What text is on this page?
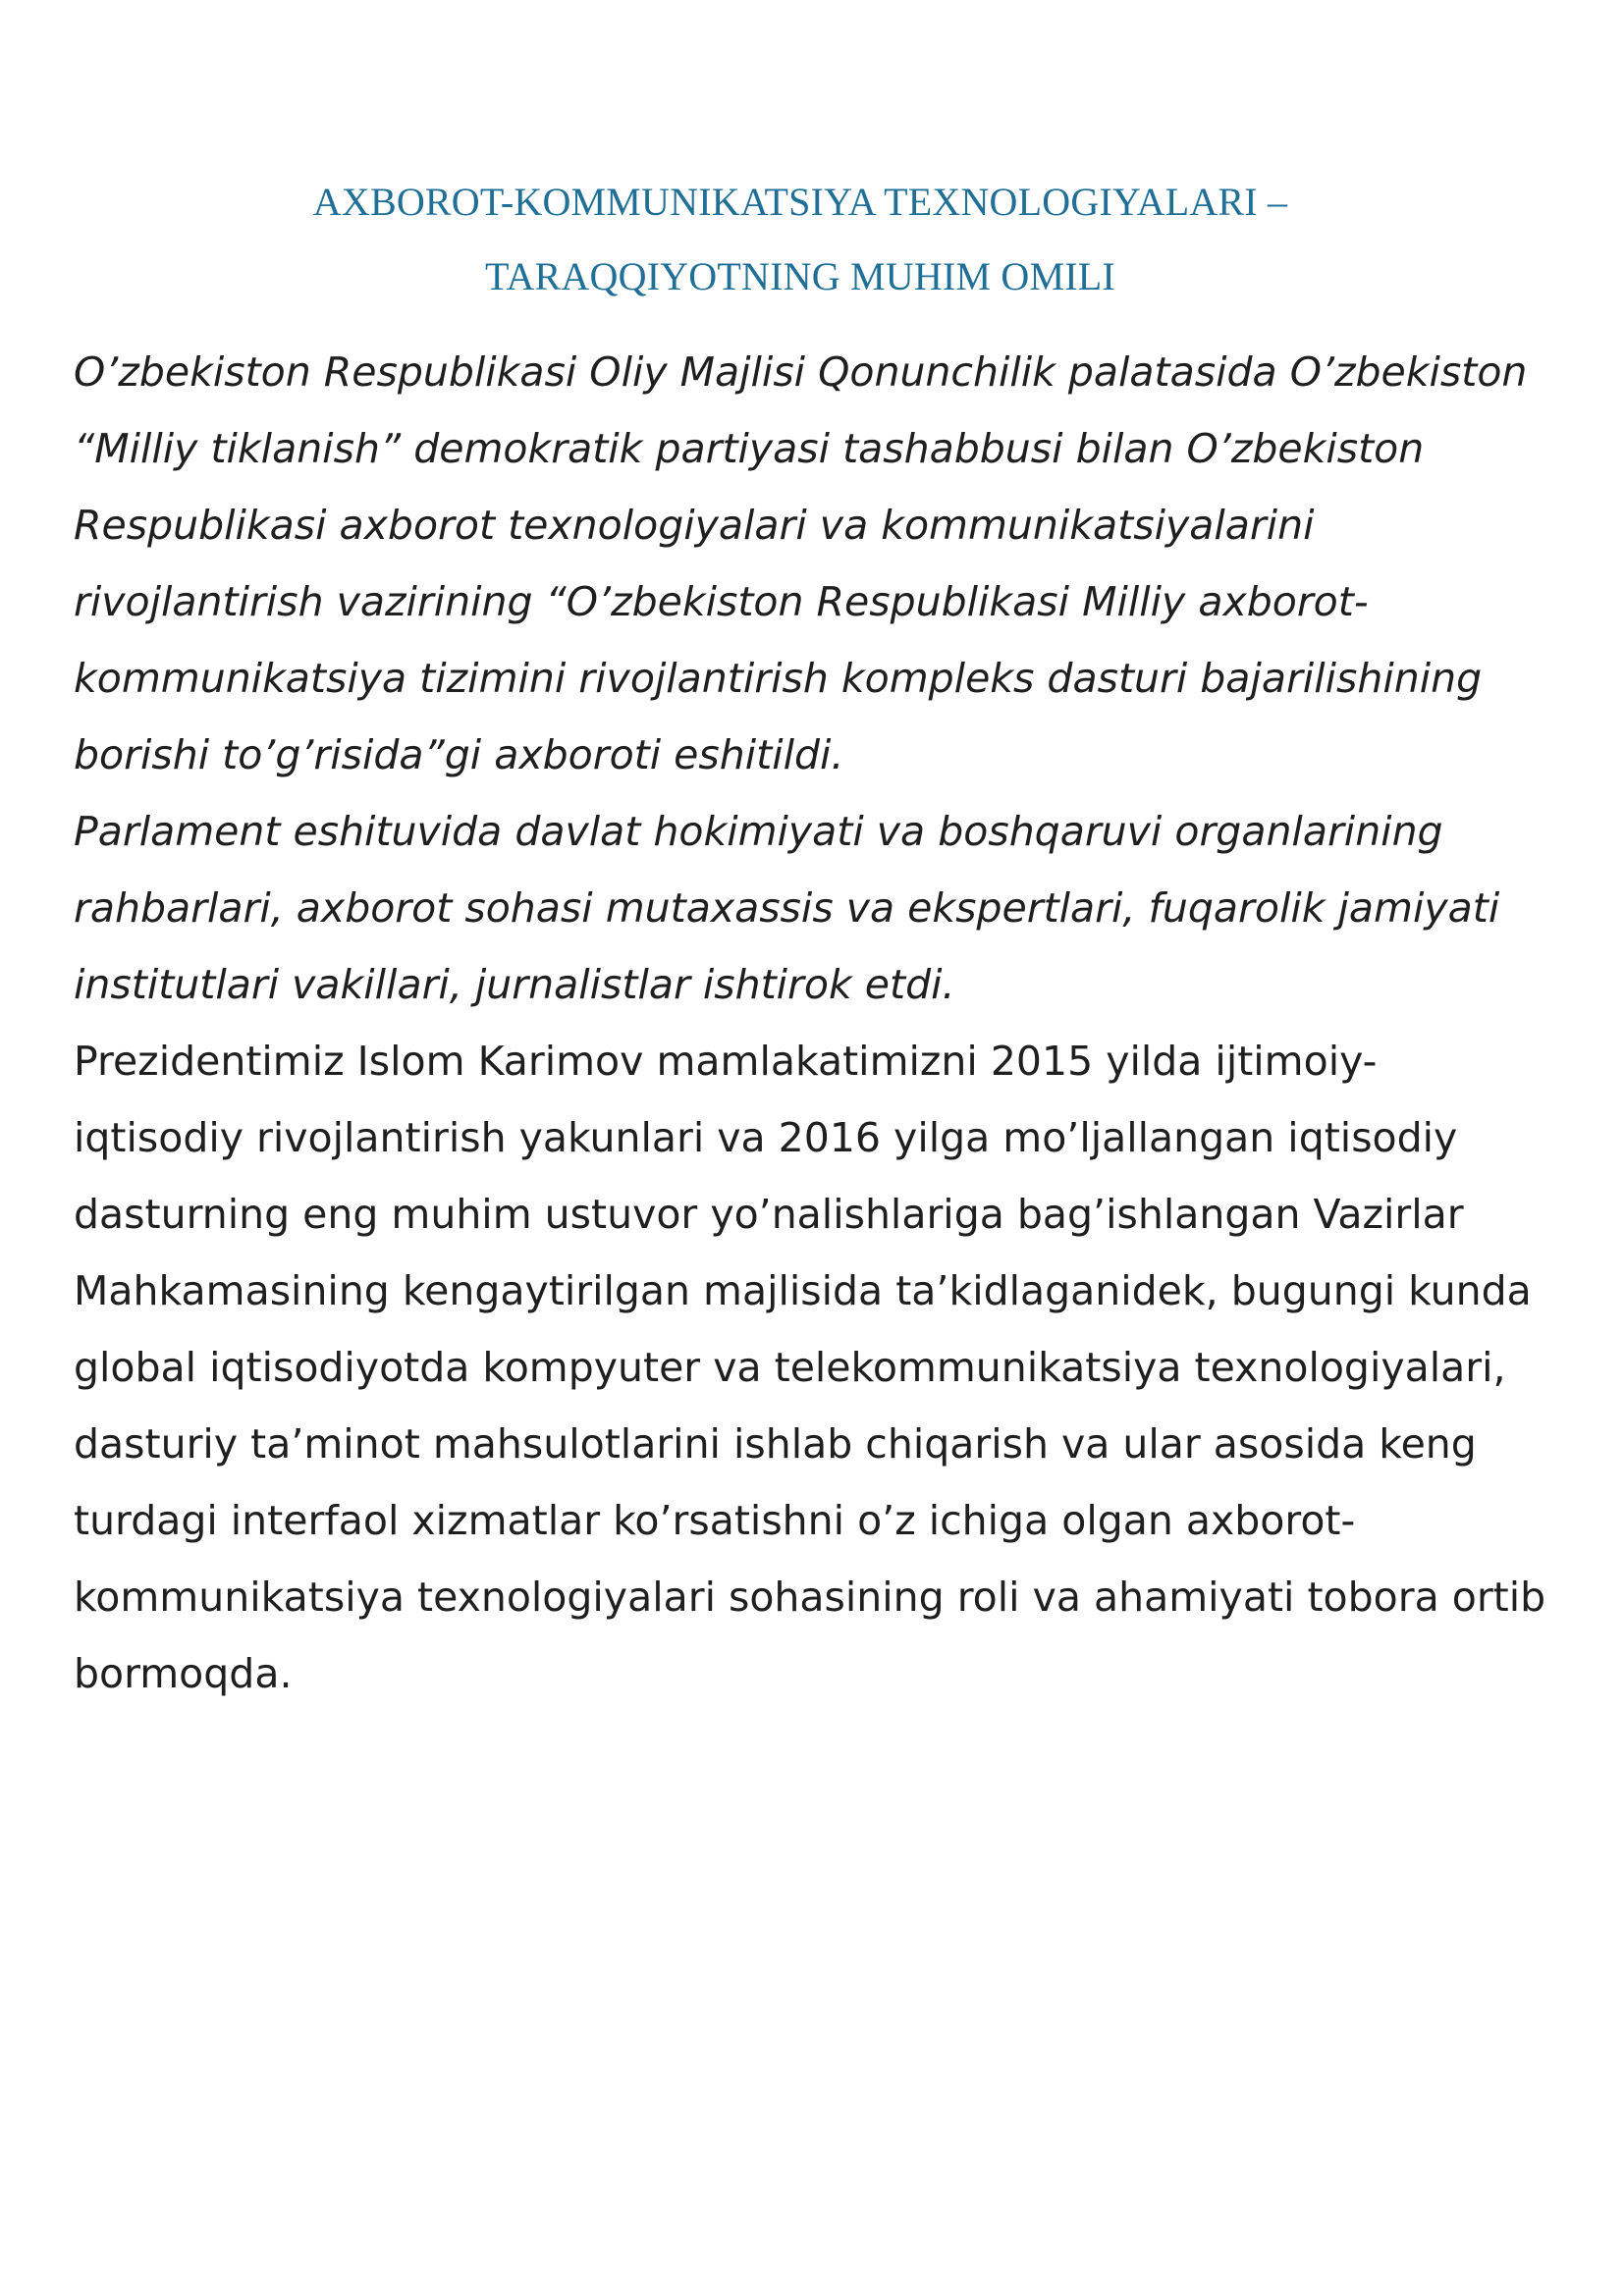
AXBOROT-KOMMUNIKATSIYA TEXNOLOGIYALARI –
TARAQQIYOTNING MUHIM OMILI
O’zbekiston Respublikasi Oliy Majlisi Qonunchilik palatasida O’zbekiston
“Milliy tiklanish” demokratik partiyasi tashabbusi bilan O’zbekiston
Respublikasi axborot texnologiyalari va kommunikatsiyalarini
rivojlantirish vazirining “O’zbekiston Respublikasi Milliy axborot-
kommunikatsiya tizimini rivojlantirish kompleks dasturi bajarilishining
borishi to’g’risida”gi axboroti eshitildi.
Parlament eshituvida davlat hokimiyati va boshqaruvi organlarining
rahbarlari, axborot sohasi mutaxassis va ekspertlari, fuqarolik jamiyati
institutlari vakillari, jurnalistlar ishtirok etdi.
Prezidentimiz Islom Karimov mamlakatimizni 2015 yilda ijtimoiy-
iqtisodiy rivojlantirish yakunlari va 2016 yilga mo’ljallangan iqtisodiy
dasturning eng muhim ustuvor yo’nalishlariga bag’ishlangan Vazirlar
Mahkamasining kengaytirilgan majlisida ta’kidlaganidek, bugungi kunda
global iqtisodiyotda kompyuter va telekommunikatsiya texnologiyalari,
dasturiy ta’minot mahsulotlarini ishlab chiqarish va ular asosida keng
turdagi interfaol xizmatlar ko’rsatishni o’z ichiga olgan axborot-
kommunikatsiya texnologiyalari sohasining roli va ahamiyati tobora ortib
bormoqda.
